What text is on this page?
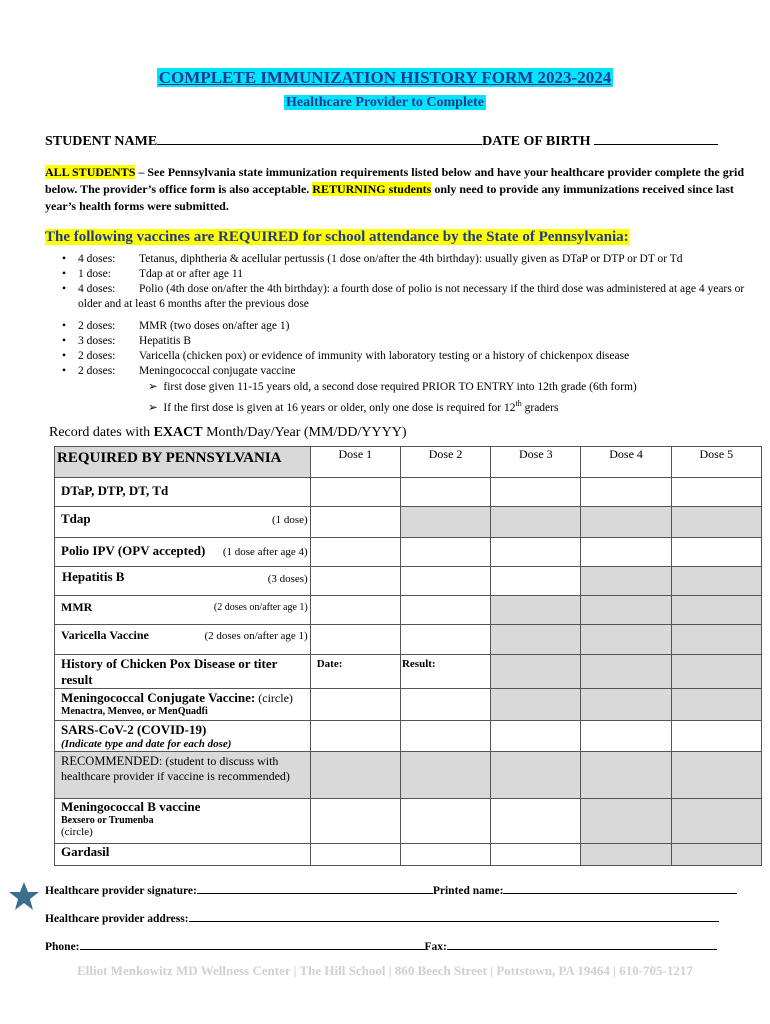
COMPLETE IMMUNIZATION HISTORY FORM 2023-2024
Healthcare Provider to Complete
STUDENT NAME	DATE OF BIRTH
ALL STUDENTS – See Pennsylvania state immunization requirements listed below and have your healthcare provider complete the grid below. The provider’s office form is also acceptable. RETURNING students only need to provide any immunizations received since last year’s health forms were submitted.
The following vaccines are REQUIRED for school attendance by the State of Pennsylvania:
• 4 doses: Tetanus, diphtheria & acellular pertussis (1 dose on/after the 4th birthday): usually given as DTaP or DTP or DT or Td
• 1 dose: Tdap at or after age 11
• 4 doses: Polio (4th dose on/after the 4th birthday): a fourth dose of polio is not necessary if the third dose was administered at age 4 years or older and at least 6 months after the previous dose
• 2 doses: MMR (two doses on/after age 1)
• 3 doses: Hepatitis B
• 2 doses: Varicella (chicken pox) or evidence of immunity with laboratory testing or a history of chickenpox disease
• 2 doses: Meningococcal conjugate vaccine
➢ first dose given 11-15 years old, a second dose required PRIOR TO ENTRY into 12th grade (6th form)
➢ If the first dose is given at 16 years or older, only one dose is required for 12th graders
Record dates with EXACT Month/Day/Year (MM/DD/YYYY)
REQUIRED BY PENNSYLVANIA	Dose 1	Dose 2	Dose 3	Dose 4	Dose 5

DTaP, DTP, DT, Td					

Tdap (1 dose)					

Polio IPV (OPV accepted) (1 dose after age 4)					

Hepatitis B (3 doses)					

MMR (2 doses on/after age 1)					

Varicella Vaccine (2 doses on/after age 1)					

History of Chicken Pox Disease or titer result	Date:	Result:			

Meningococcal Conjugate Vaccine: (circle)
Menactra, Menveo, or MenQuadfi					

SARS-CoV-2 (COVID-19)
(Indicate type and date for each dose)					

RECOMMENDED: (student to discuss with healthcare provider if vaccine is recommended)					

Meningococcal B vaccine
Bexsero or Trumenba
(circle)					

Gardasil					

Healthcare provider signature:	Printed name:
Healthcare provider address:
Phone:	Fax:
Elliot Menkowitz MD Wellness Center | The Hill School | 860 Beech Street | Pottstown, PA 19464 | 610-705-1217
